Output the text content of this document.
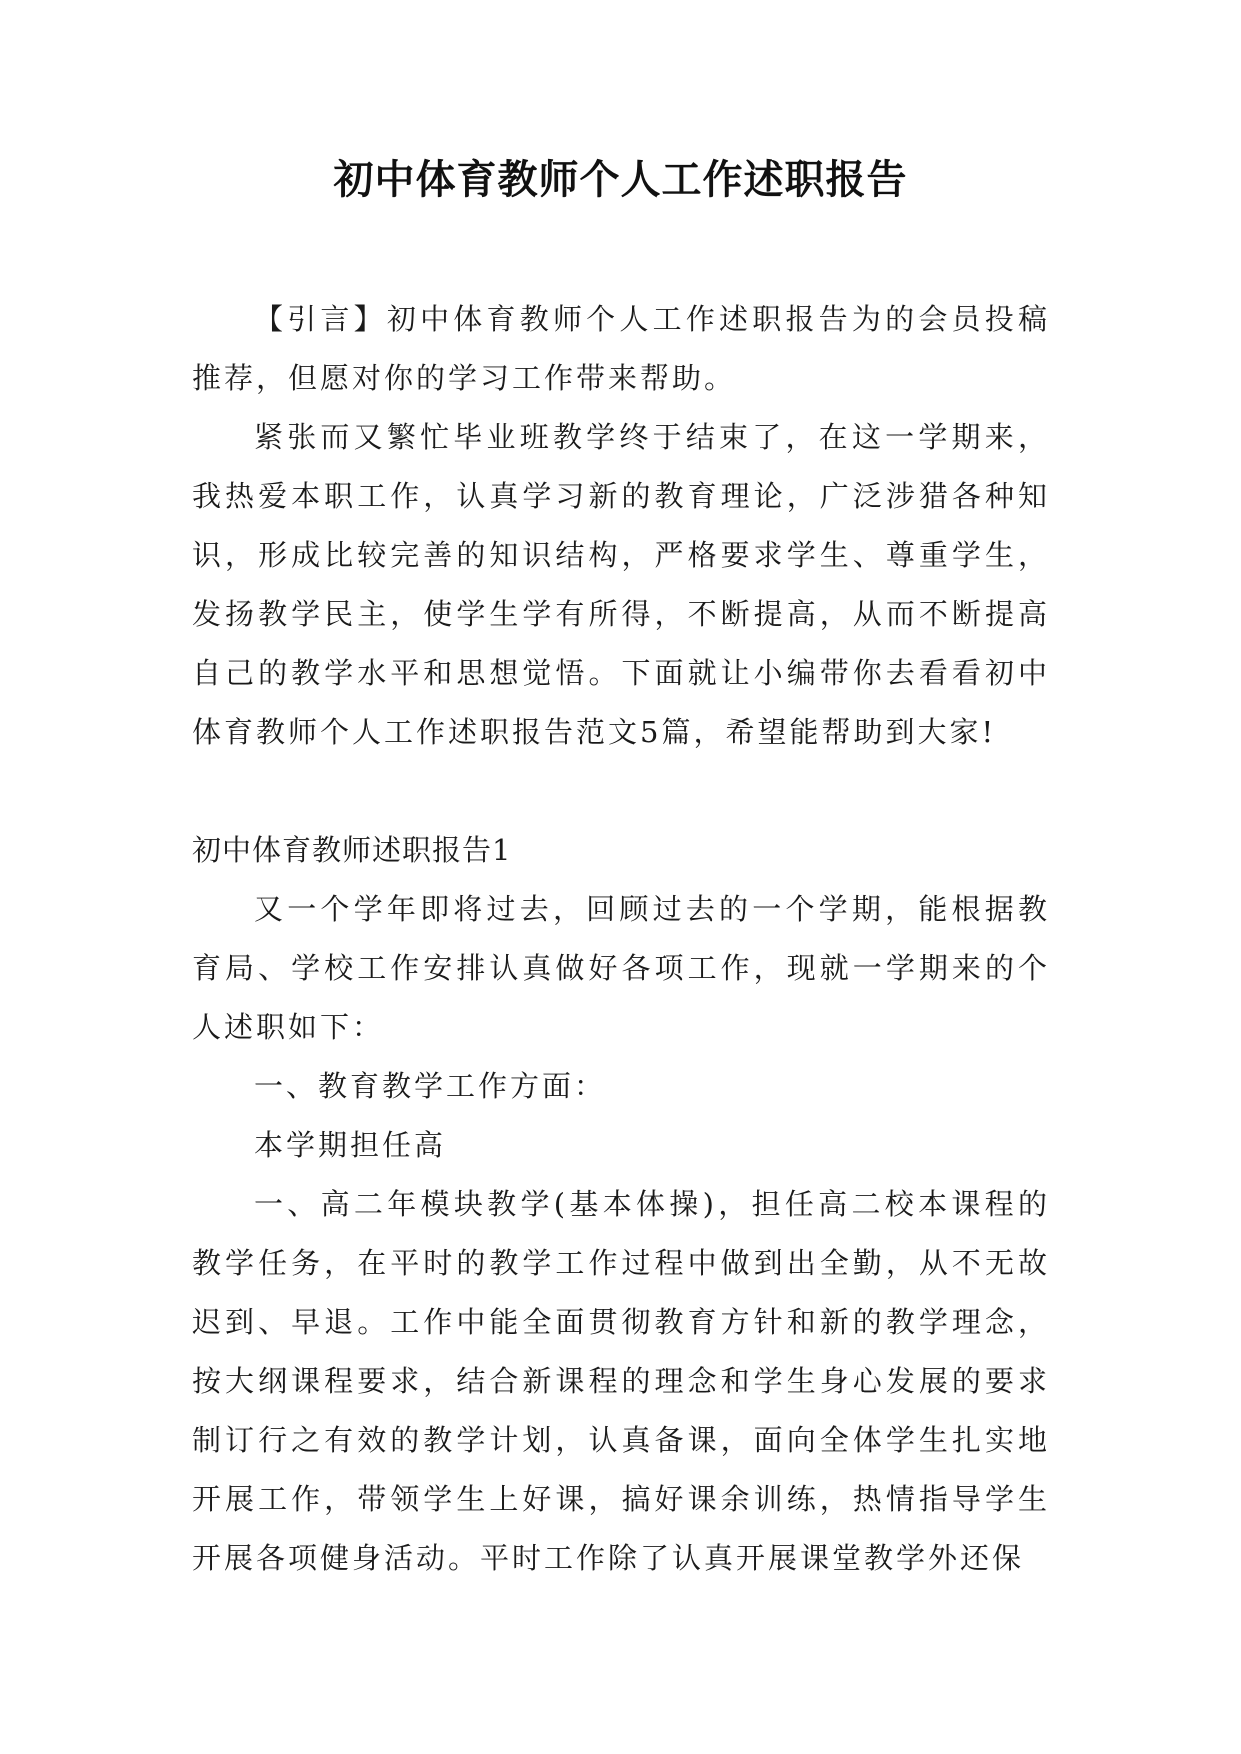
初中体育教师个人工作述职报告

【引言】初中体育教师个人工作述职报告为的会员投稿推荐，但愿对你的学习工作带来帮助。

紧张而又繁忙毕业班教学终于结束了，在这一学期来，我热爱本职工作，认真学习新的教育理论，广泛涉猎各种知识，形成比较完善的知识结构，严格要求学生、尊重学生，发扬教学民主，使学生学有所得，不断提高，从而不断提高自己的教学水平和思想觉悟。下面就让小编带你去看看初中体育教师个人工作述职报告范文5篇，希望能帮助到大家!

初中体育教师述职报告1

又一个学年即将过去，回顾过去的一个学期，能根据教育局、学校工作安排认真做好各项工作，现就一学期来的个人述职如下：

一、教育教学工作方面：

本学期担任高

一、高二年模块教学(基本体操)，担任高二校本课程的教学任务，在平时的教学工作过程中做到出全勤，从不无故迟到、早退。工作中能全面贯彻教育方针和新的教学理念，按大纲课程要求，结合新课程的理念和学生身心发展的要求制订行之有效的教学计划，认真备课，面向全体学生扎实地开展工作，带领学生上好课，搞好课余训练，热情指导学生开展各项健身活动。平时工作除了认真开展课堂教学外还保
